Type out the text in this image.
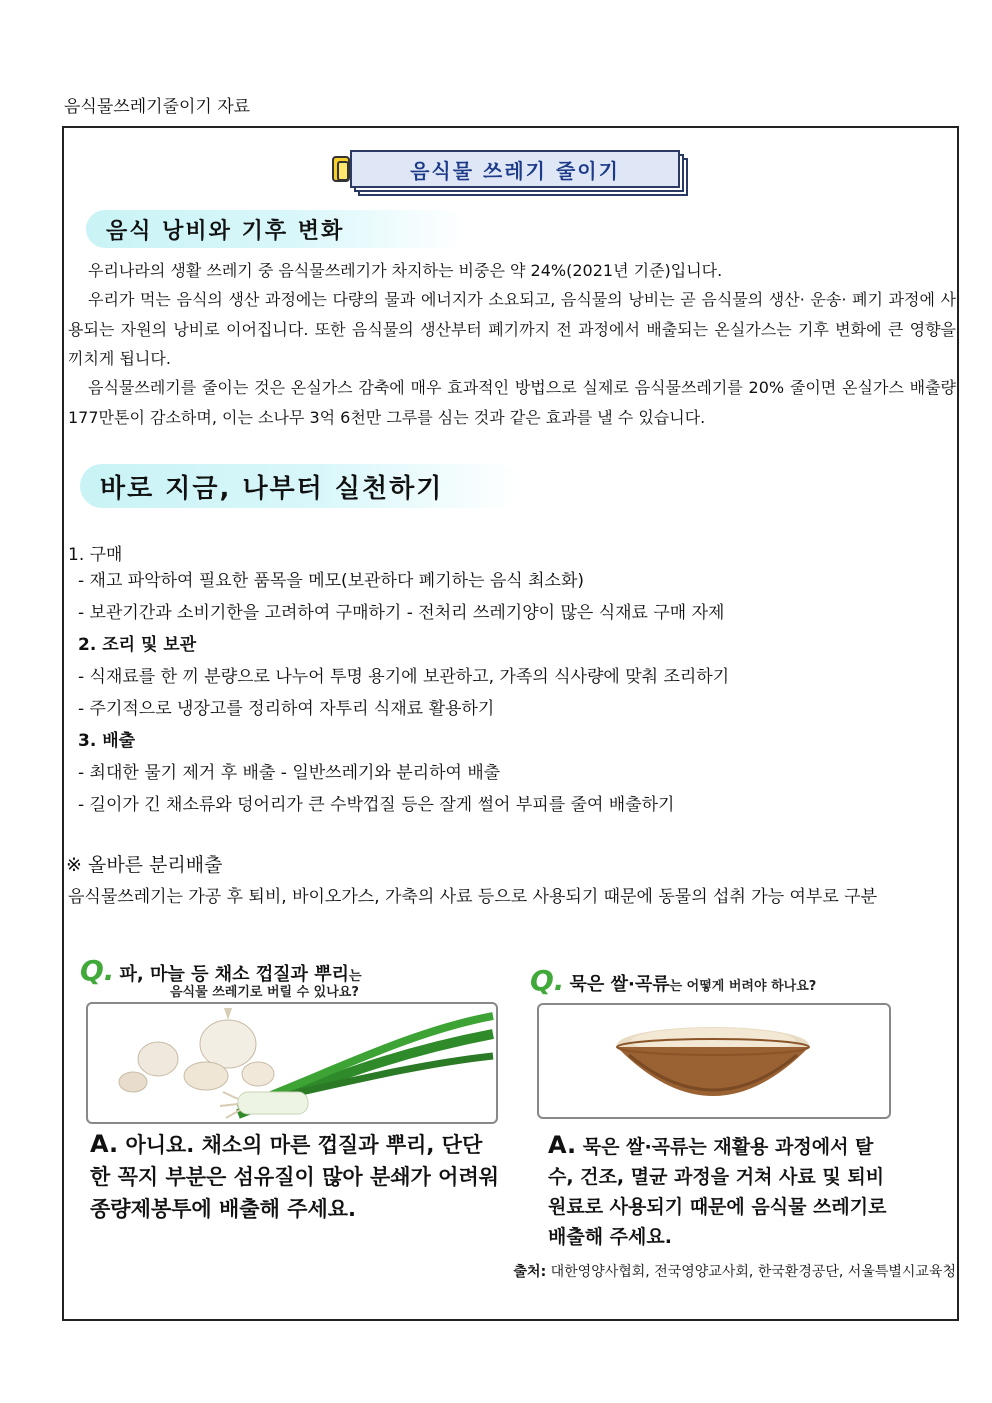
음식물쓰레기줄이기 자료
음식물 쓰레기 줄이기
음식 낭비와 기후 변화
우리나라의 생활 쓰레기 중 음식물쓰레기가 차지하는 비중은 약 24%(2021년 기준)입니다.
우리가 먹는 음식의 생산 과정에는 다량의 물과 에너지가 소요되고, 음식물의 낭비는 곧 음식물의 생산· 운송· 폐기 과정에 사용되는 자원의 낭비로 이어집니다. 또한 음식물의 생산부터 폐기까지 전 과정에서 배출되는 온실가스는 기후 변화에 큰 영향을 끼치게 됩니다.
음식물쓰레기를 줄이는 것은 온실가스 감축에 매우 효과적인 방법으로 실제로 음식물쓰레기를 20% 줄이면 온실가스 배출량 177만톤이 감소하며, 이는 소나무 3억 6천만 그루를 심는 것과 같은 효과를 낼 수 있습니다.
바로 지금, 나부터 실천하기
1. 구매
- 재고 파악하여 필요한 품목을 메모(보관하다 폐기하는 음식 최소화)
- 보관기간과 소비기한을 고려하여 구매하기 - 전처리 쓰레기양이 많은 식재료 구매 자제
2. 조리 및 보관
- 식재료를 한 끼 분량으로 나누어 투명 용기에 보관하고, 가족의 식사량에 맞춰 조리하기
- 주기적으로 냉장고를 정리하여 자투리 식재료 활용하기
3. 배출
- 최대한 물기 제거 후 배출 - 일반쓰레기와 분리하여 배출
- 길이가 긴 채소류와 덩어리가 큰 수박껍질 등은 잘게 썰어 부피를 줄여 배출하기
※ 올바른 분리배출
음식물쓰레기는 가공 후 퇴비, 바이오가스, 가축의 사료 등으로 사용되기 때문에 동물의 섭취 가능 여부로 구분
Q. 파, 마늘 등 채소 껍질과 뿌리는
음식물 쓰레기로 버릴 수 있나요?
A. 아니요. 채소의 마른 껍질과 뿌리, 단단한 꼭지 부분은 섬유질이 많아 분쇄가 어려워 종량제봉투에 배출해 주세요.
Q. 묵은 쌀·곡류는 어떻게 버려야 하나요?
A. 묵은 쌀·곡류는 재활용 과정에서 탈수, 건조, 멸균 과정을 거쳐 사료 및 퇴비 원료로 사용되기 때문에 음식물 쓰레기로 배출해 주세요.
출처: 대한영양사협회, 전국영양교사회, 한국환경공단, 서울특별시교육청
